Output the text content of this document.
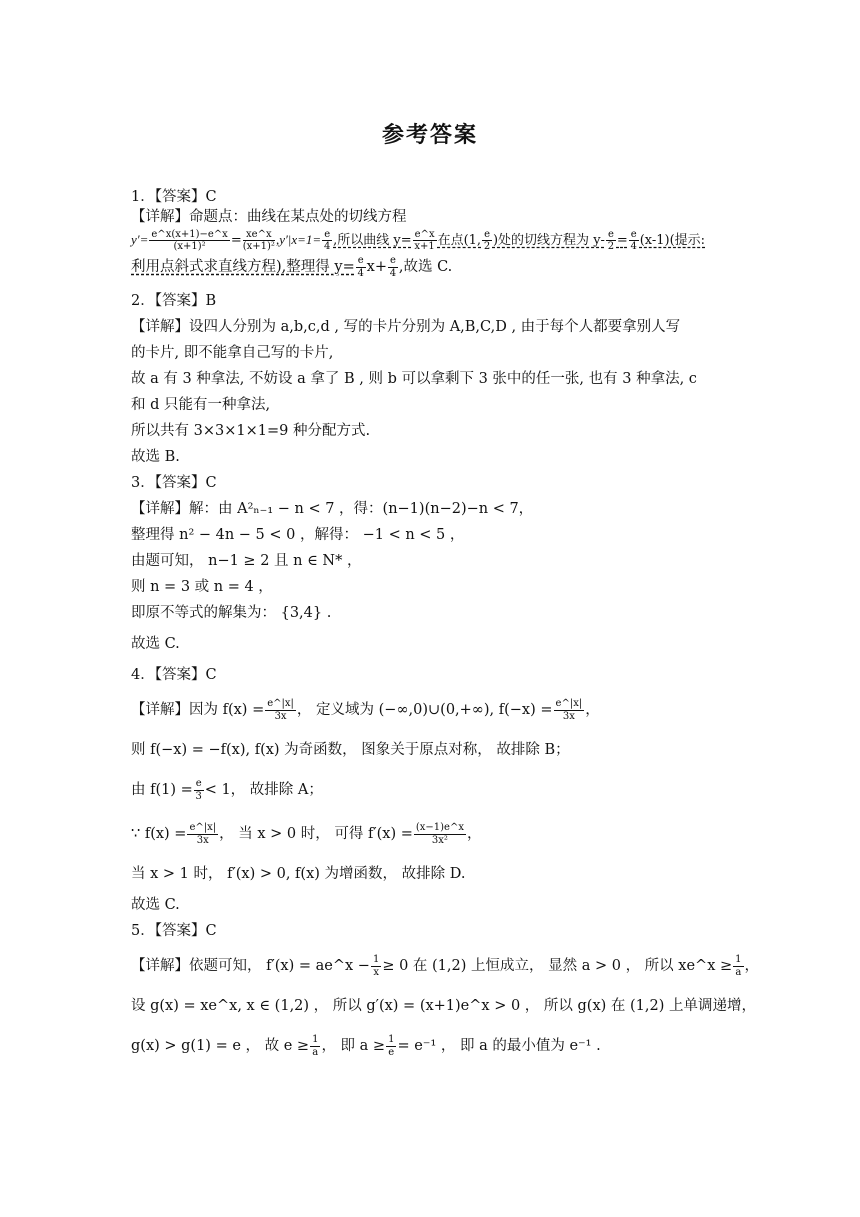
参考答案

1．【答案】C

【详解】命题点：曲线在某点处的切线方程

$y'= \frac{e\^{}x(x+1)-e\^{}x}{\text{(x+1)²}} = \frac{xe\^{}x}{\text{(x+1)²}} ,y'|x=1= \frac{e}{4}$ ,所以曲线 $y= \frac{e\^{}x}{x+1}$ 在点(1, $\frac{e}{2}$ )处的切线方程为 $y- \frac{e}{2} = \frac{e}{4} (x-1)$(提示:

利用点斜式求直线方程),整理得 $y= \frac{e}{4} x+ \frac{e}{4}$ ,故选 C.

2．【答案】B

【详解】设四人分别为 a,b,c,d , 写的卡片分别为 A,B,C,D , 由于每个人都要拿别人写

的卡片, 即不能拿自己写的卡片,

故 a 有 3 种拿法, 不妨设 a 拿了 B , 则 b 可以拿剩下 3 张中的任一张, 也有 3 种拿法, c

和 d 只能有一种拿法,

所以共有 3×3×1×1=9 种分配方式.

故选 B.

3．【答案】C

【详解】解：由 A²ₙ₋₁ − n < 7 ，得：(n−1)(n−2)−n < 7，

整理得 n² − 4n − 5 < 0 ，解得： −1 < n < 5 ，

由题可知， n−1 ≥ 2 且 n ∈ N* ，

则 n = 3 或 n = 4 ，

即原不等式的解集为： {3,4} .

故选 C.

4．【答案】C

【详解】因为 $f(x) = \frac{e\^{}|x|}{3x}$ ， 定义域为 (−∞,0)∪(0,+∞), $f(-x) = \frac{e\^{}|x|}{3x}$ ，

则 f(−x) = −f(x), f(x) 为奇函数， 图象关于原点对称， 故排除 B；

由 $f(1) = \frac{e}{3} < 1$， 故排除 A；

∵ $f(x) = \frac{e\^{}|x|}{3x}$ ， 当 x > 0 时， 可得 $f'(x) = \frac{(x-1)e\^{}x}{\text{3x²}}$ ，

当 x > 1 时， f′(x) > 0, f(x) 为增函数， 故排除 D.

故选 C.

5．【答案】C

【详解】依题可知， f′(x) = ae^x − $\frac{1}{x} \ge 0$ 在 (1,2) 上恒成立， 显然 a > 0 ， 所以 xe^x ≥ $\frac{1}{a}$ ，

设 g(x) = xe^x, x ∈ (1,2) ， 所以 g′(x) = (x+1)e^x > 0 ， 所以 g(x) 在 (1,2) 上单调递增，

g(x) > g(1) = e ， 故 $e \ge \frac{1}{a}$ ， 即 $a \ge \frac{1}{e} = e^{-1}$ ， 即 a 的最小值为 e⁻¹ .
